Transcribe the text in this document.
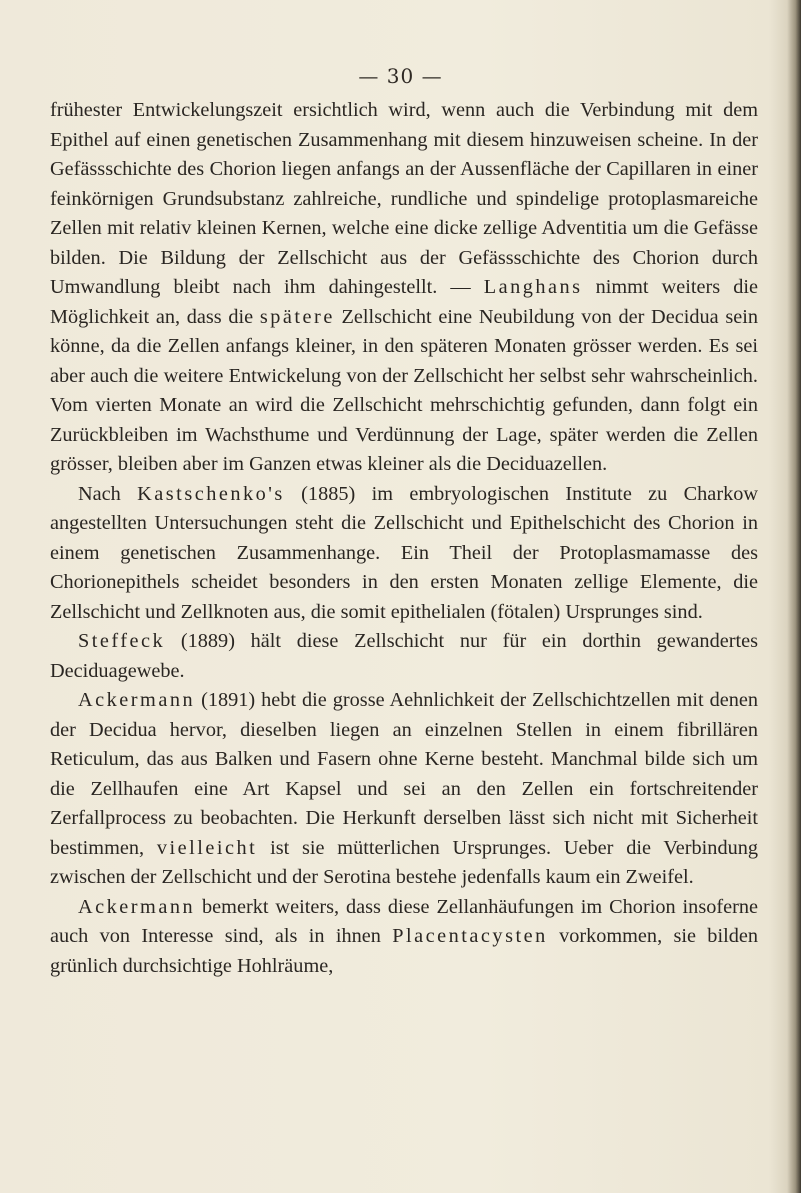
— 30 —

frühester Entwickelungszeit ersichtlich wird, wenn auch die Verbindung mit dem Epithel auf einen genetischen Zusammenhang mit diesem hinzuweisen scheine. In der Gefässschichte des Chorion liegen anfangs an der Aussenfläche der Capillaren in einer feinkörnigen Grundsubstanz zahlreiche, rundliche und spindelige protoplasmareiche Zellen mit relativ kleinen Kernen, welche eine dicke zellige Adventitia um die Gefässe bilden. Die Bildung der Zellschicht aus der Gefässschichte des Chorion durch Umwandlung bleibt nach ihm dahingestellt. — Langhans nimmt weiters die Möglichkeit an, dass die spätere Zellschicht eine Neubildung von der Decidua sein könne, da die Zellen anfangs kleiner, in den späteren Monaten grösser werden. Es sei aber auch die weitere Entwickelung von der Zellschicht her selbst sehr wahrscheinlich. Vom vierten Monate an wird die Zellschicht mehrschichtig gefunden, dann folgt ein Zurückbleiben im Wachsthume und Verdünnung der Lage, später werden die Zellen grösser, bleiben aber im Ganzen etwas kleiner als die Deciduazellen.

Nach Kastschenko's (1885) im embryologischen Institute zu Charkow angestellten Untersuchungen steht die Zellschicht und Epithelschicht des Chorion in einem genetischen Zusammenhange. Ein Theil der Protoplasmamasse des Chorionepithels scheidet besonders in den ersten Monaten zellige Elemente, die Zellschicht und Zellknoten aus, die somit epithelialen (fötalen) Ursprunges sind.

Steffeck (1889) hält diese Zellschicht nur für ein dorthin gewandertes Deciduagewebe.

Ackermann (1891) hebt die grosse Aehnlichkeit der Zellschichtzellen mit denen der Decidua hervor, dieselben liegen an einzelnen Stellen in einem fibrillären Reticulum, das aus Balken und Fasern ohne Kerne besteht. Manchmal bilde sich um die Zellhaufen eine Art Kapsel und sei an den Zellen ein fortschreitender Zerfallprocess zu beobachten. Die Herkunft derselben lässt sich nicht mit Sicherheit bestimmen, vielleicht ist sie mütterlichen Ursprunges. Ueber die Verbindung zwischen der Zellschicht und der Serotina bestehe jedenfalls kaum ein Zweifel.

Ackermann bemerkt weiters, dass diese Zellanhäufungen im Chorion insoferne auch von Interesse sind, als in ihnen Placentacysten vorkommen, sie bilden grünlich durchsichtige Hohlräume,
